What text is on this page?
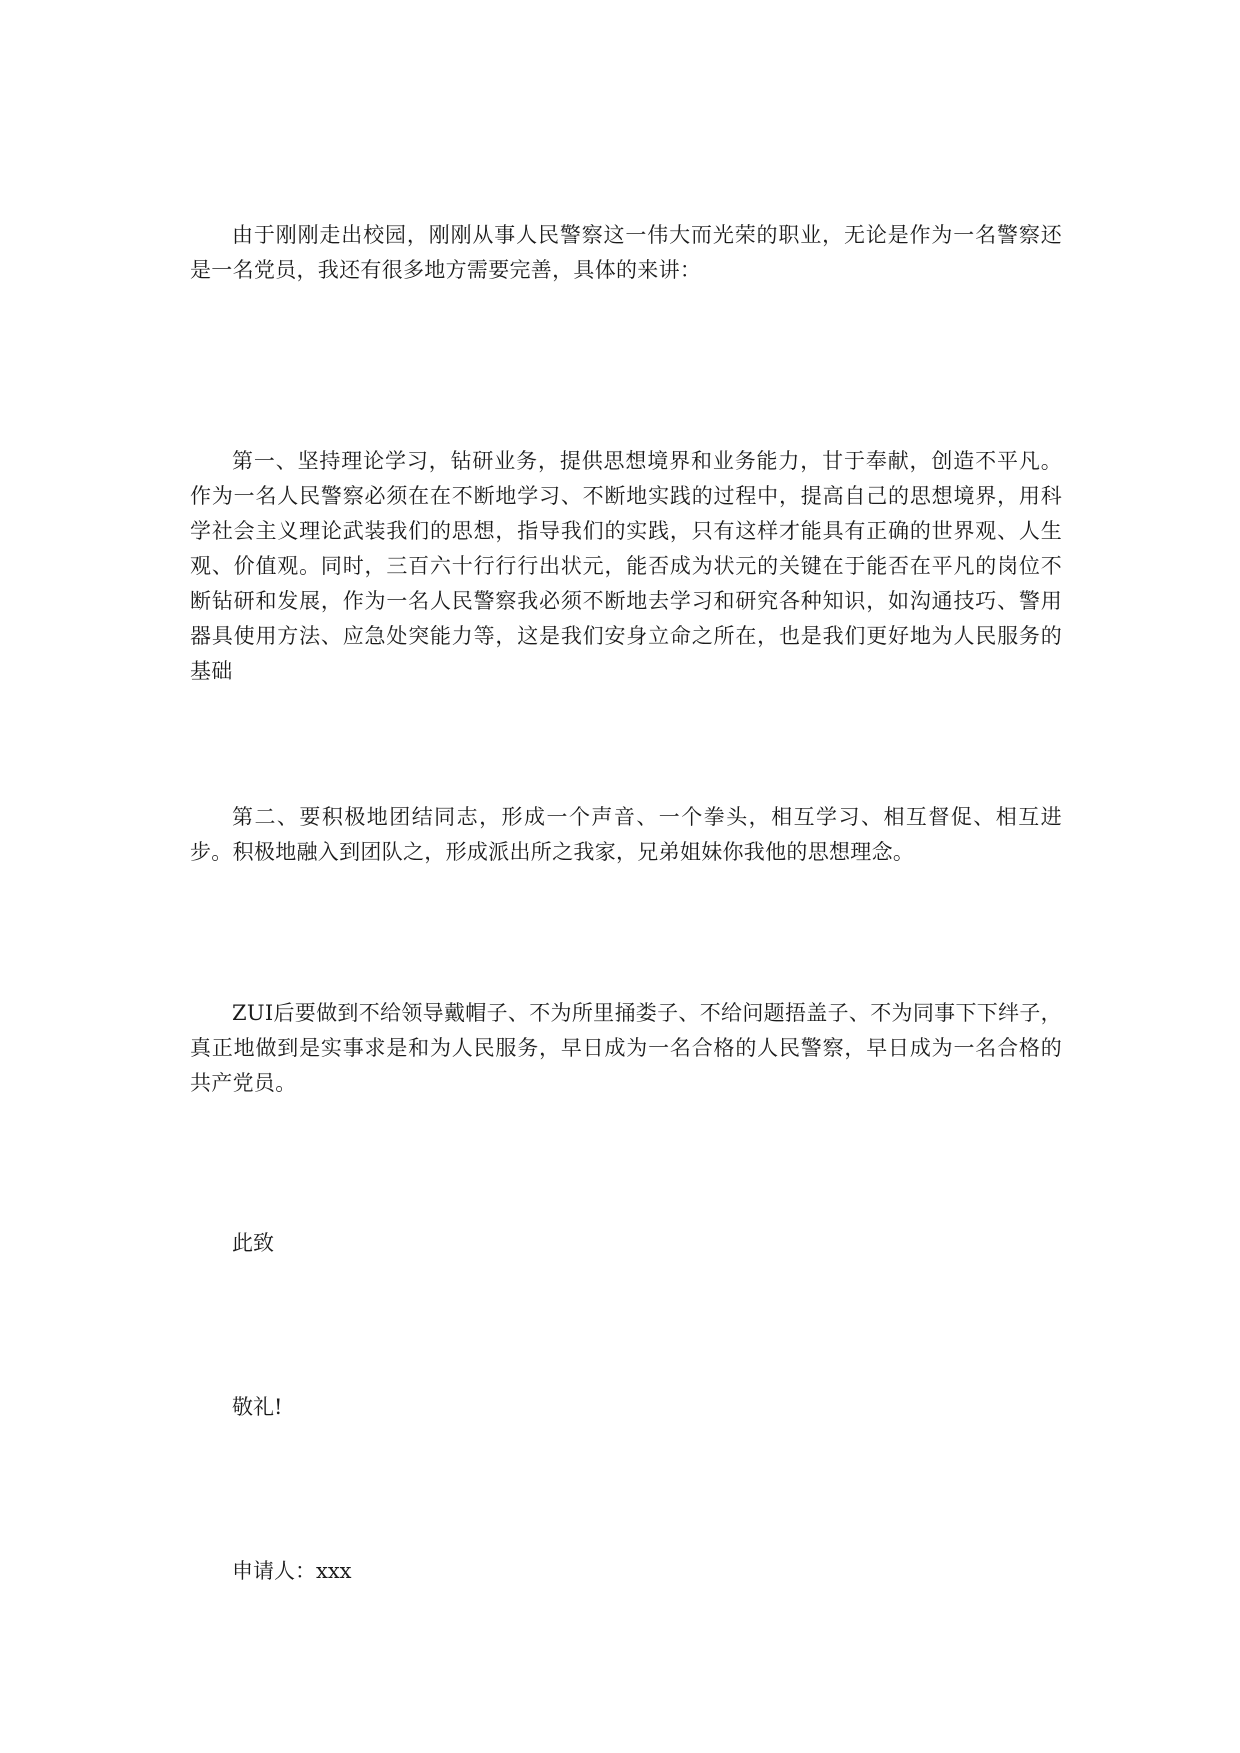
由于刚刚走出校园，刚刚从事人民警察这一伟大而光荣的职业，无论是作为一名警察还是一名党员，我还有很多地方需要完善，具体的来讲：

第一、坚持理论学习，钻研业务，提供思想境界和业务能力，甘于奉献，创造不平凡。作为一名人民警察必须在在不断地学习、不断地实践的过程中，提高自己的思想境界，用科学社会主义理论武装我们的思想，指导我们的实践，只有这样才能具有正确的世界观、人生观、价值观。同时，三百六十行行行出状元，能否成为状元的关键在于能否在平凡的岗位不断钻研和发展，作为一名人民警察我必须不断地去学习和研究各种知识，如沟通技巧、警用器具使用方法、应急处突能力等，这是我们安身立命之所在，也是我们更好地为人民服务的基础

第二、要积极地团结同志，形成一个声音、一个拳头，相互学习、相互督促、相互进步。积极地融入到团队之，形成派出所之我家，兄弟姐妹你我他的思想理念。

ZUI后要做到不给领导戴帽子、不为所里捅娄子、不给问题捂盖子、不为同事下下绊子，真正地做到是实事求是和为人民服务，早日成为一名合格的人民警察，早日成为一名合格的共产党员。

此致

敬礼!

申请人：xxx
